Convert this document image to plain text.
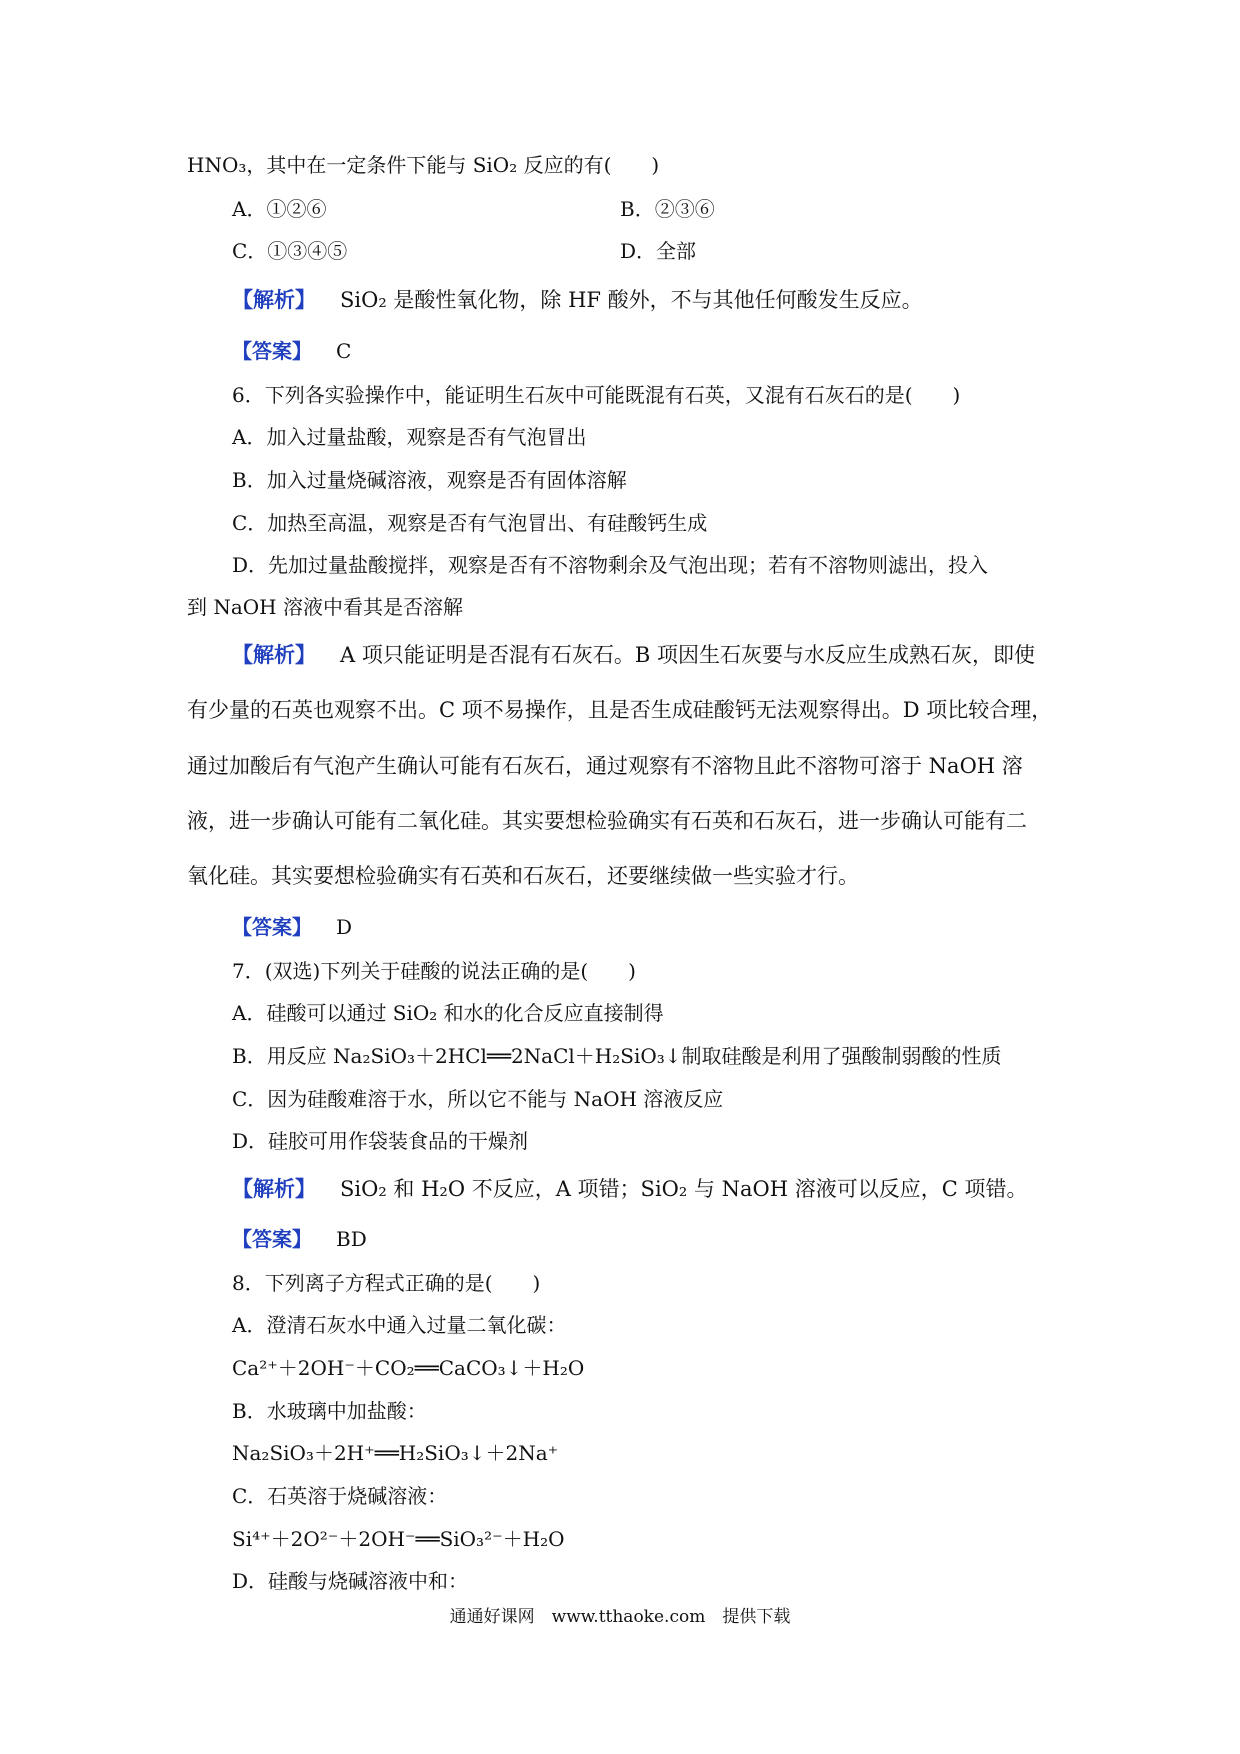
HNO₃，其中在一定条件下能与 SiO₂ 反应的有(　　)
A．①②⑥	B．②③⑥
C．①③④⑤	D．全部
【解析】 SiO₂ 是酸性氧化物，除 HF 酸外，不与其他任何酸发生反应。
【答案】 C
6．下列各实验操作中，能证明生石灰中可能既混有石英，又混有石灰石的是(　　)
A．加入过量盐酸，观察是否有气泡冒出
B．加入过量烧碱溶液，观察是否有固体溶解
C．加热至高温，观察是否有气泡冒出、有硅酸钙生成
D．先加过量盐酸搅拌，观察是否有不溶物剩余及气泡出现；若有不溶物则滤出，投入
到 NaOH 溶液中看其是否溶解
【解析】 A 项只能证明是否混有石灰石。B 项因生石灰要与水反应生成熟石灰，即使
有少量的石英也观察不出。C 项不易操作，且是否生成硅酸钙无法观察得出。D 项比较合理，
通过加酸后有气泡产生确认可能有石灰石，通过观察有不溶物且此不溶物可溶于 NaOH 溶
液，进一步确认可能有二氧化硅。其实要想检验确实有石英和石灰石，进一步确认可能有二
氧化硅。其实要想检验确实有石英和石灰石，还要继续做一些实验才行。
【答案】 D
7．(双选)下列关于硅酸的说法正确的是(　　)
A．硅酸可以通过 SiO₂ 和水的化合反应直接制得
B．用反应 Na₂SiO₃＋2HCl══2NaCl＋H₂SiO₃↓制取硅酸是利用了强酸制弱酸的性质
C．因为硅酸难溶于水，所以它不能与 NaOH 溶液反应
D．硅胶可用作袋装食品的干燥剂
【解析】 SiO₂ 和 H₂O 不反应，A 项错；SiO₂ 与 NaOH 溶液可以反应，C 项错。
【答案】 BD
8．下列离子方程式正确的是(　　)
A．澄清石灰水中通入过量二氧化碳：
Ca²⁺＋2OH⁻＋CO₂══CaCO₃↓＋H₂O
B．水玻璃中加盐酸：
Na₂SiO₃＋2H⁺══H₂SiO₃↓＋2Na⁺
C．石英溶于烧碱溶液：
Si⁴⁺＋2O²⁻＋2OH⁻══SiO₃²⁻＋H₂O
D．硅酸与烧碱溶液中和：
通通好课网　www.tthaoke.com　提供下载
